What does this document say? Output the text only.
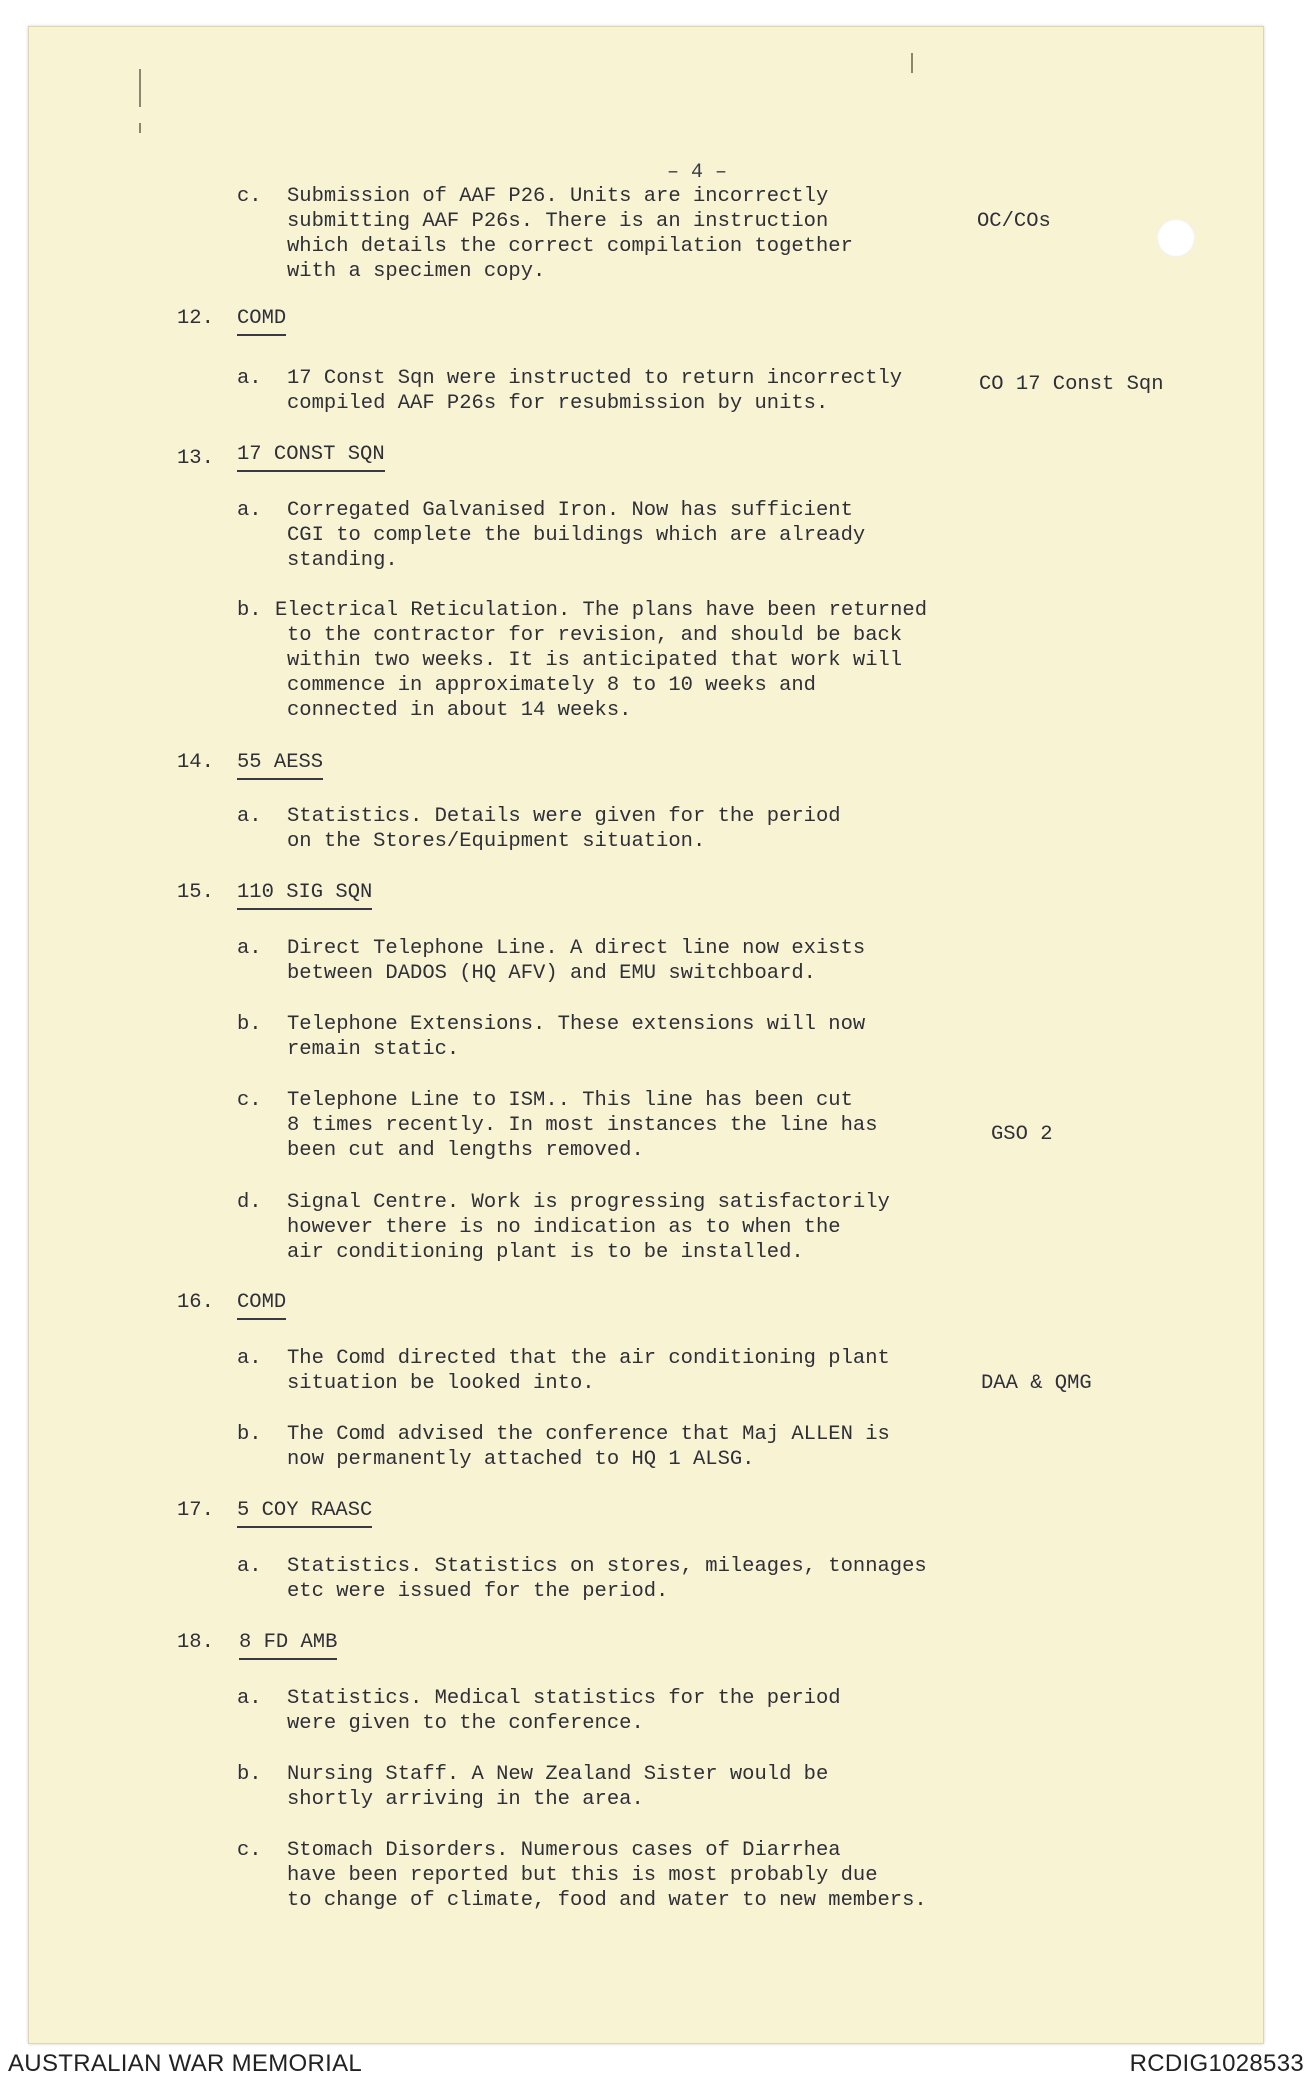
– 4 –
c. Submission of AAF P26. Units are incorrectly
submitting AAF P26s. There is an instruction
which details the correct compilation together
with a specimen copy.
OC/COs
12. COMD
a. 17 Const Sqn were instructed to return incorrectly
compiled AAF P26s for resubmission by units.
CO 17 Const Sqn
13. 17 CONST SQN
a. Corregated Galvanised Iron. Now has sufficient
CGI to complete the buildings which are already
standing.
b. Electrical Reticulation. The plans have been returned
to the contractor for revision, and should be back
within two weeks. It is anticipated that work will
commence in approximately 8 to 10 weeks and
connected in about 14 weeks.
14. 55 AESS
a. Statistics. Details were given for the period
on the Stores/Equipment situation.
15. 110 SIG SQN
a. Direct Telephone Line. A direct line now exists
between DADOS (HQ AFV) and EMU switchboard.
b. Telephone Extensions. These extensions will now
remain static.
c. Telephone Line to ISM.. This line has been cut
8 times recently. In most instances the line has
been cut and lengths removed.
GSO 2
d. Signal Centre. Work is progressing satisfactorily
however there is no indication as to when the
air conditioning plant is to be installed.
16. COMD
a. The Comd directed that the air conditioning plant
situation be looked into.	DAA & QMG
b. The Comd advised the conference that Maj ALLEN is
now permanently attached to HQ 1 ALSG.
17. 5 COY RAASC
a. Statistics. Statistics on stores, mileages, tonnages
etc were issued for the period.
18. 8 FD AMB
a. Statistics. Medical statistics for the period
were given to the conference.
b. Nursing Staff. A New Zealand Sister would be
shortly arriving in the area.
c. Stomach Disorders. Numerous cases of Diarrhea
have been reported but this is most probably due
to change of climate, food and water to new members.
AUSTRALIAN WAR MEMORIAL	RCDIG1028533
